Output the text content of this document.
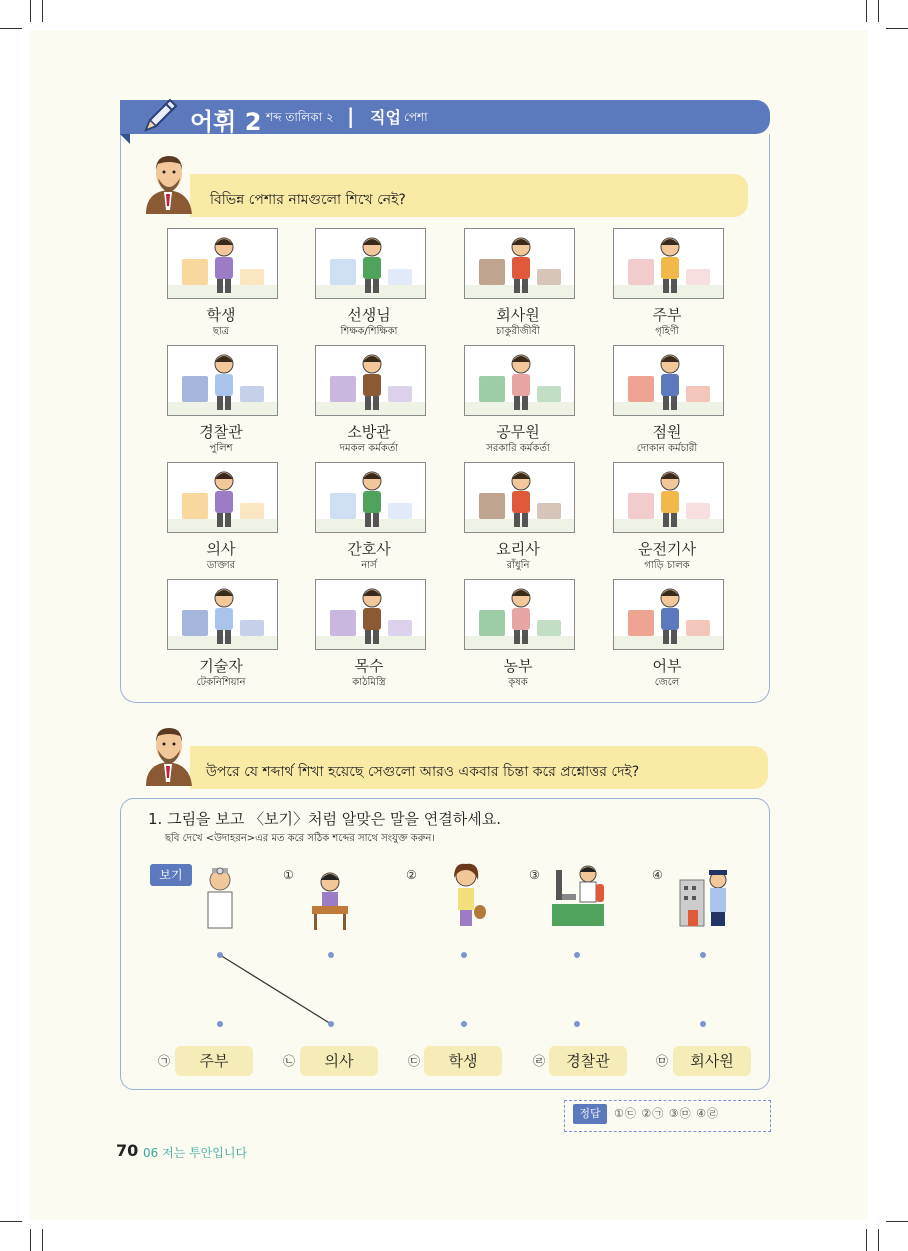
어휘 2 শব্দ তালিকা ২ | 직업 পেশা
বিভিন্ন পেশার নামগুলো শিখে নেই?
학생
ছাত্র
선생님
শিক্ষক/শিক্ষিকা
회사원
চাকুরীজীবী
주부
গৃহিণী
경찰관
পুলিশ
소방관
দমকল কর্মকর্তা
공무원
সরকারি কর্মকর্তা
점원
দোকান কর্মচারী
의사
ডাক্তার
간호사
নার্স
요리사
রাঁধুনি
운전기사
গাড়ি চালক
기술자
টেকনিশিয়ান
목수
কাঠমিস্ত্রি
농부
কৃষক
어부
জেলে
উপরে যে শব্দার্থ শিখা হয়েছে সেগুলো আরও একবার চিন্তা করে প্রশ্নোত্তর দেই?
1. 그림을 보고 〈보기〉처럼 알맞은 말을 연결하세요.
ছবি দেখে <উদাহরন>এর মত করে সঠিক শব্দের সাথে সংযুক্ত করুন।
보기	①	②	③	④
㉠	주부	㉡	의사	㉢	학생	㉣	경찰관	㉤	회사원
정답	①㉢ ②㉠ ③㉤ ④㉣
70 06 저는 투안입니다
